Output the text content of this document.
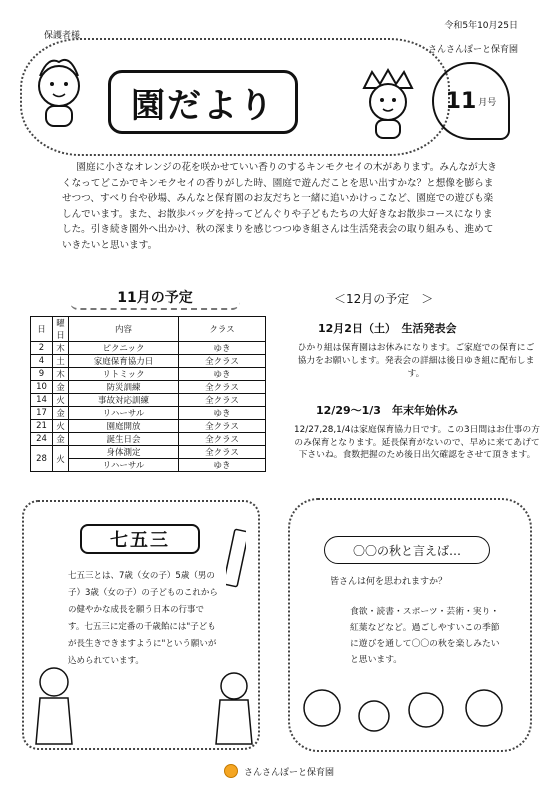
保護者様
令和5年10月25日
さんさんぽーと保育園
園だより	11 月号

園庭に小さなオレンジの花を咲かせていい香りのするキンモクセイの木があります。みんなが大きくなってどこかでキンモクセイの香りがした時、園庭で遊んだことを思い出すかな？と想像を膨らませつつ、すべり台や砂場、みんなと保育園のお友だちと一緒に追いかけっこなど、園庭での遊びも楽しんでいます。また、お散歩バッグを持ってどんぐりや子どもたちの大好きなお散歩コースになりました。引き続き園外へ出かけ、秋の深まりを感じつつゆき組さんは生活発表会の取り組みも、進めていきたいと思います。

11月の予定
日	曜日	内容	クラス
2	木	ピクニック	ゆき
4	土	家庭保育協力日	全クラス
9	木	リトミック	ゆき
10	金	防災訓練	全クラス
14	火	事故対応訓練	全クラス
17	金	リハーサル	ゆき
21	火	園庭開放	全クラス
24	金	誕生日会	全クラス
28	火	身体測定	全クラス
		リハーサル	ゆき
＜12月の予定　＞
12月2日（土）　生活発表会

ひかり組は保育園はお休みになります。ご家庭での保育にご協力をお願いします。発表会の詳細は後日ゆき組に配布します。

12/29～1/3　年末年始休み

12/27,28,1/4は家庭保育協力日です。この3日間はお仕事の方のみ保育となります。延長保育がないので、早めに来てあげて下さいね。食数把握のため後日出欠確認をさせて頂きます。

七五三

七五三とは、7歳（女の子）5歳（男の子）3歳（女の子）の子どものこれからの健やかな成長を願う日本の行事です。七五三に定番の千歳飴には"子どもが長生きできますように"という願いが込められています。

〇〇の秋と言えば…
皆さんは何を思われますか？

食欲・読書・スポーツ・芸術・実り・紅葉などなど。過ごしやすいこの季節に遊びを通して〇〇の秋を楽しみたいと思います。

さんさんぽーと保育園
